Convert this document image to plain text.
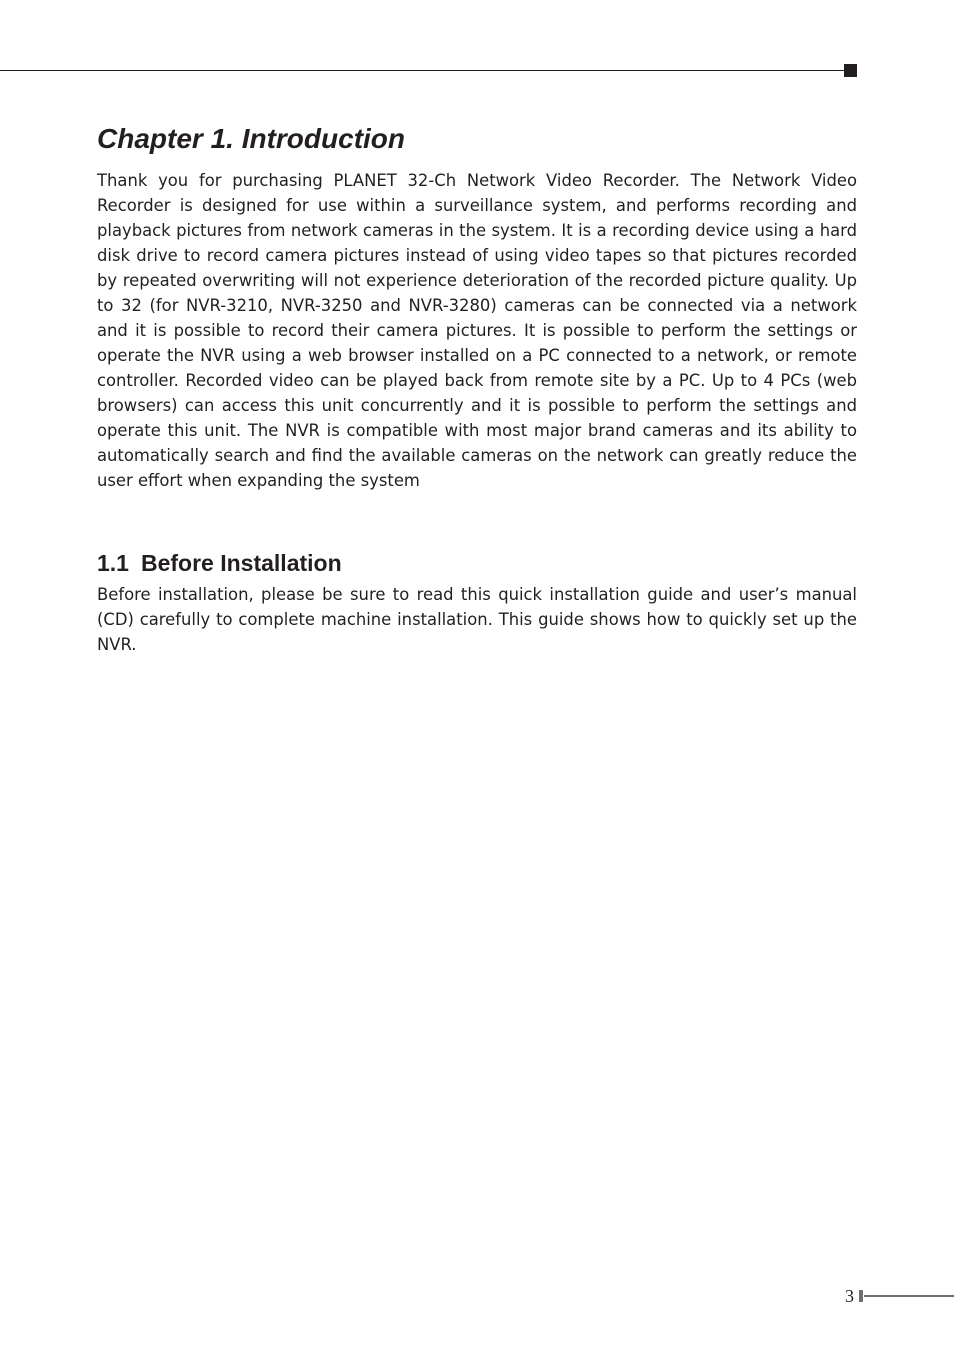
Chapter 1. Introduction

Thank you for purchasing PLANET 32-Ch Network Video Recorder. The Network Video Recorder is designed for use within a surveillance system, and performs recording and playback pictures from network cameras in the system. It is a recording device using a hard disk drive to record camera pictures instead of using video tapes so that pictures recorded by repeated overwriting will not experience deterioration of the recorded picture quality. Up to 32 (for NVR-3210, NVR-3250 and NVR-3280) cameras can be connected via a network and it is possible to record their camera pictures. It is possible to perform the settings or operate the NVR using a web browser installed on a PC connected to a network, or remote controller. Recorded video can be played back from remote site by a PC. Up to 4 PCs (web browsers) can access this unit concurrently and it is possible to perform the settings and operate this unit. The NVR is compatible with most major brand cameras and its ability to automatically search and find the available cameras on the network can greatly reduce the user effort when expanding the system

1.1 Before Installation

Before installation, please be sure to read this quick installation guide and user’s manual (CD) carefully to complete machine installation. This guide shows how to quickly set up the NVR.

3
